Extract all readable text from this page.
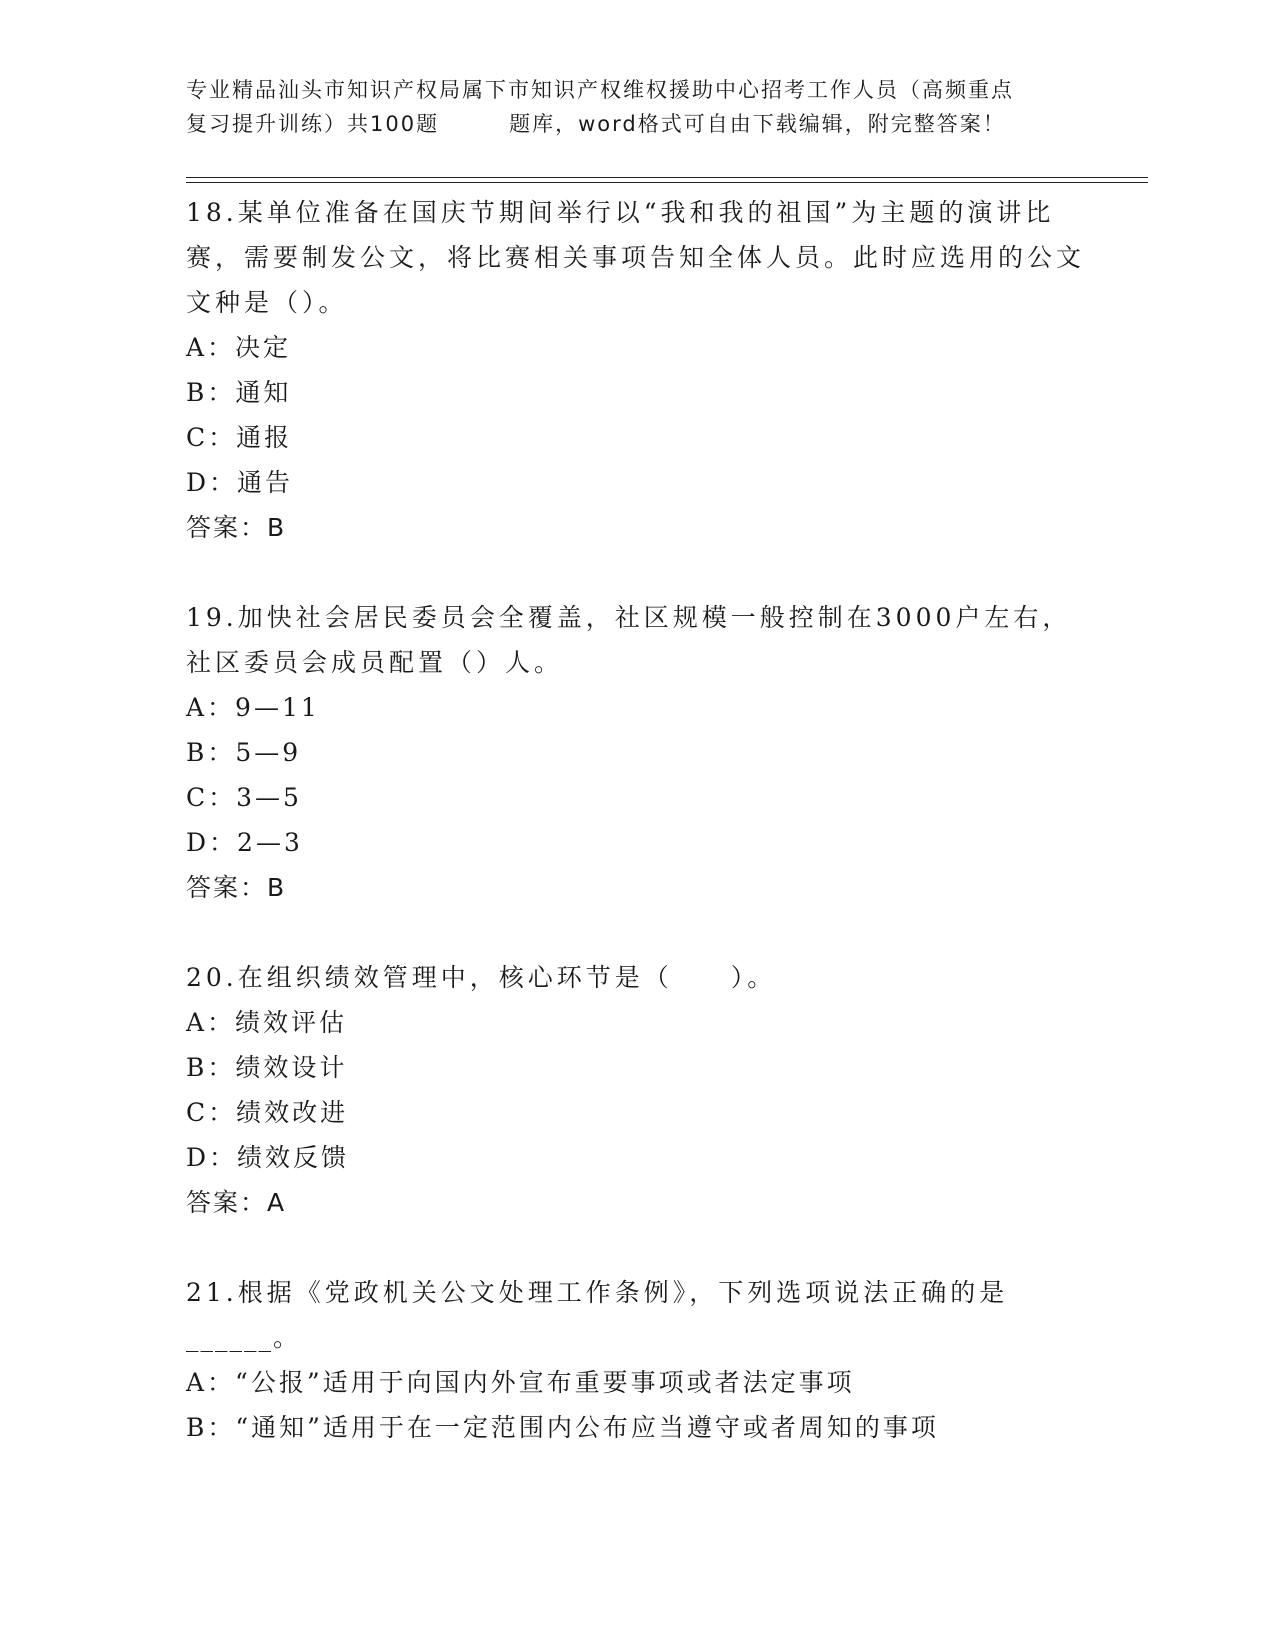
专业精品汕头市知识产权局属下市知识产权维权援助中心招考工作人员（高频重点
复习提升训练）共100题	题库，word格式可自由下载编辑，附完整答案！

18.某单位准备在国庆节期间举行以“我和我的祖国”为主题的演讲比赛，需要制发公文，将比赛相关事项告知全体人员。此时应选用的公文文种是（）。

A：决定

B：通知

C：通报

D：通告

答案：B

19.加快社会居民委员会全覆盖，社区规模一般控制在3000户左右，社区委员会成员配置（）人。

A：9—11

B：5—9

C：3—5

D：2—3

答案：B

20.在组织绩效管理中，核心环节是（　　）。

A：绩效评估

B：绩效设计

C：绩效改进

D：绩效反馈

答案：A

21.根据《党政机关公文处理工作条例》，下列选项说法正确的是

______。

A：“公报”适用于向国内外宣布重要事项或者法定事项

B：“通知”适用于在一定范围内公布应当遵守或者周知的事项
